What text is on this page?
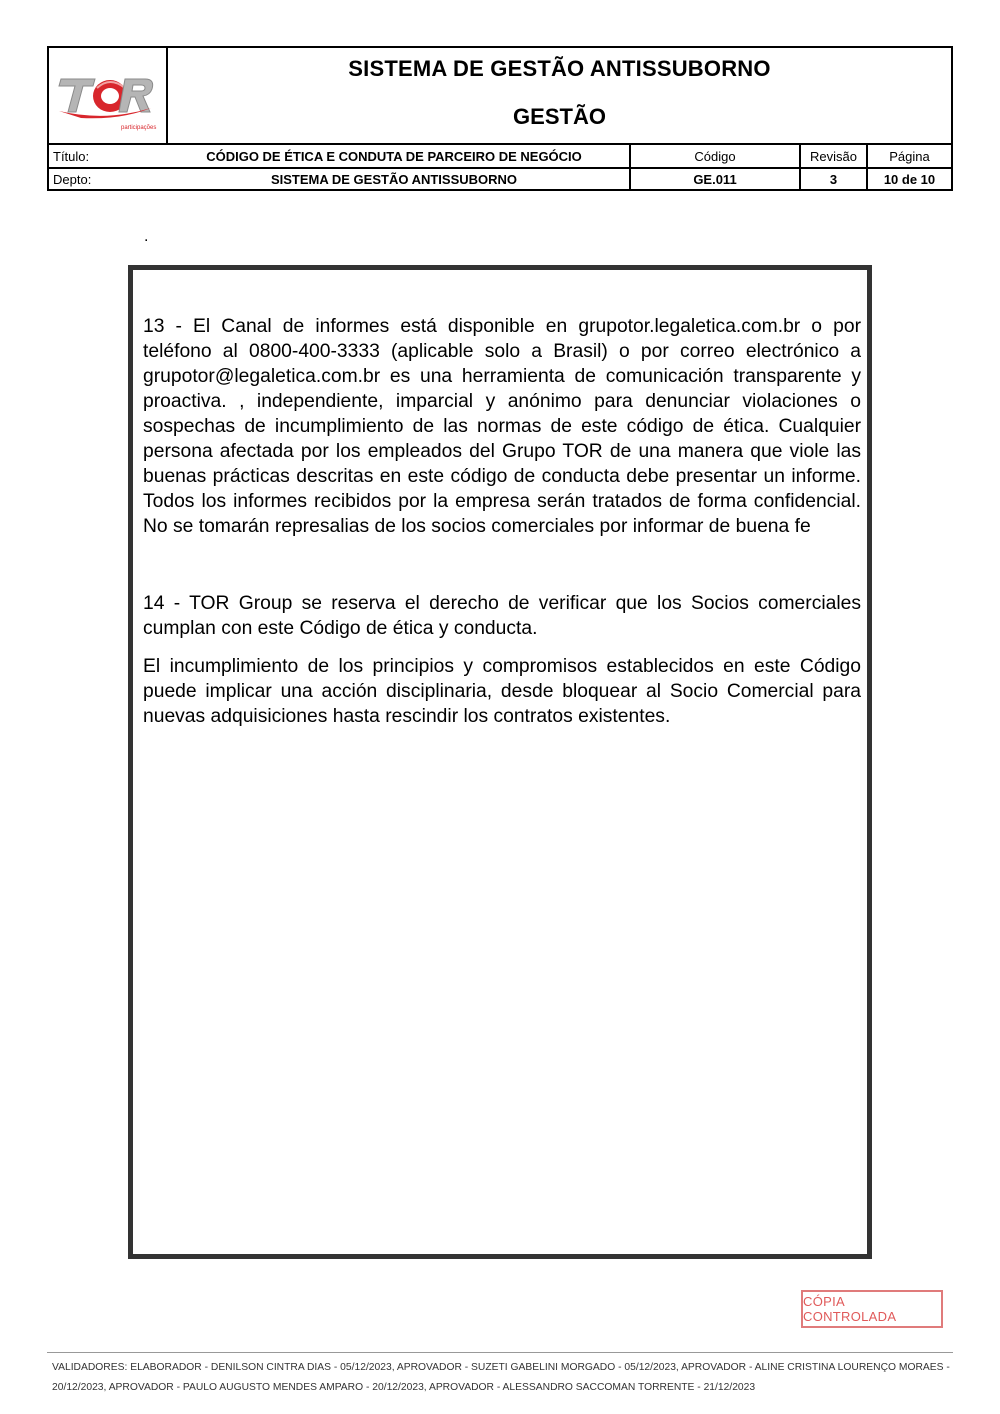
participações
SISTEMA DE GESTÃO ANTISSUBORNO
GESTÃO
Título:	CÓDIGO DE ÉTICA E CONDUTA DE PARCEIRO DE NEGÓCIO	Código	Revisão	Página
Depto:	SISTEMA DE GESTÃO ANTISSUBORNO	GE.011	3	10 de 10
.

13 - El Canal de informes está disponible en grupotor.legaletica.com.br o por teléfono al 0800-400-3333 (aplicable solo a Brasil) o por correo electrónico a grupotor@legaletica.com.br es una herramienta de comunicación transparente y proactiva. , independiente, imparcial y anónimo para denunciar violaciones o sospechas de incumplimiento de las normas de este código de ética. Cualquier persona afectada por los empleados del Grupo TOR de una manera que viole las buenas prácticas descritas en este código de conducta debe presentar un informe. Todos los informes recibidos por la empresa serán tratados de forma confidencial. No se tomarán represalias de los socios comerciales por informar de buena fe

14 - TOR Group se reserva el derecho de verificar que los Socios comerciales cumplan con este Código de ética y conducta.

El incumplimiento de los principios y compromisos establecidos en este Código puede implicar una acción disciplinaria, desde bloquear al Socio Comercial para nuevas adquisiciones hasta rescindir los contratos existentes.

CÓPIA CONTROLADA
VALIDADORES: ELABORADOR - DENILSON CINTRA DIAS - 05/12/2023, APROVADOR - SUZETI GABELINI MORGADO - 05/12/2023, APROVADOR - ALINE CRISTINA LOURENÇO MORAES -
20/12/2023, APROVADOR - PAULO AUGUSTO MENDES AMPARO - 20/12/2023, APROVADOR - ALESSANDRO SACCOMAN TORRENTE - 21/12/2023
